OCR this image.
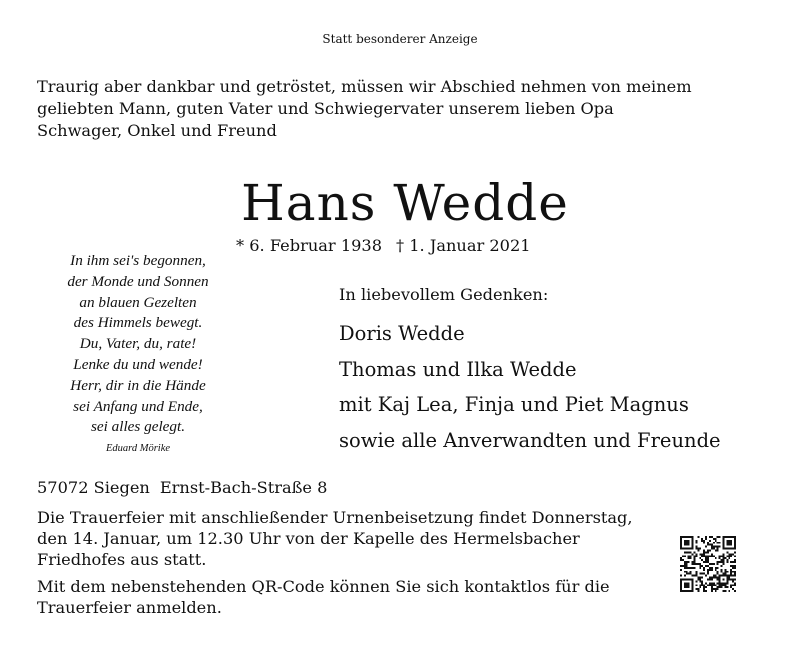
Statt besonderer Anzeige
Traurig aber dankbar und getröstet, müssen wir Abschied nehmen von meinem
geliebten Mann, guten Vater und Schwiegervater unserem lieben Opa
Schwager, Onkel und Freund
Hans Wedde
* 6. Februar 1938 † 1. Januar 2021
In ihm sei's begonnen,
der Monde und Sonnen
an blauen Gezelten
des Himmels bewegt.
Du, Vater, du, rate!
Lenke du und wende!
Herr, dir in die Hände
sei Anfang und Ende,
sei alles gelegt.
Eduard Mörike
In liebevollem Gedenken:
Doris Wedde
Thomas und Ilka Wedde
mit Kaj Lea, Finja und Piet Magnus
sowie alle Anverwandten und Freunde
57072 Siegen Ernst-Bach-Straße 8
Die Trauerfeier mit anschließender Urnenbeisetzung findet Donnerstag,
den 14. Januar, um 12.30 Uhr von der Kapelle des Hermelsbacher
Friedhofes aus statt.
Mit dem nebenstehenden QR-Code können Sie sich kontaktlos für die
Trauerfeier anmelden.
